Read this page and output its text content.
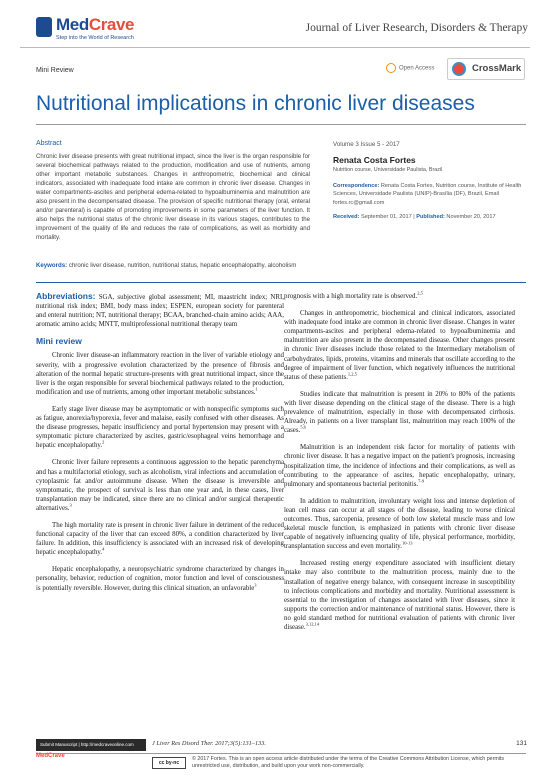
MedCrave
Step into the World of Research
Journal of Liver Research, Disorders & Therapy
Mini Review	Open Access	CrossMark
Nutritional implications in chronic liver diseases
Abstract

Chronic liver disease presents with great nutritional impact, since the liver is the organ responsible for several biochemical pathways related to the production, modification and use of nutrients, among other important metabolic substances. Changes in anthropometric, biochemical and clinical indicators, associated with inadequate food intake are common in chronic liver disease. Changes in water compartments-ascites and peripheral edema-related to hypoalbuminemia and malnutrition are also present in the decompensated disease. The provision of specific nutritional therapy (oral, enteral and/or parenteral) is capable of promoting improvements in some parameters of the liver function. It also helps the nutritional status of the chronic liver disease in its various stages, contributes to the improvement of the quality of life and reduces the rate of complications, as well as morbidity and mortality.

Keywords: chronic liver disease, nutrition, nutritional status, hepatic encephalopathy, alcoholism

Volume 3 Issue 5 - 2017
Renata Costa Fortes
Nutrition course, Universidade Paulista, Brazil

Correspondence: Renata Costa Fortes, Nutrition course, Institute of Health Sciences, Universidade Paulista (UNIP)-Brasília (DF), Brazil, Email fortes.rc@gmail.com

Received: September 01, 2017 | Published: November 20, 2017

Abbreviations: SGA, subjective global assessment; MI, maastricht index; NRI, nutritional risk index; BMI, body mass index; ESPEN, european society for parenteral and enteral nutrition; NT, nutritional therapy; BCAA, branched-chain amino acids; AAA, aromatic amino acids; MNTT, multiprofessional nutritional therapy team

Mini review

Chronic liver disease-an inflammatory reaction in the liver of variable etiology and severity, with a progressive evolution characterized by the presence of fibrosis and alteration of the normal hepatic structure-presents with great nutritional impact, since the liver is the organ responsible for several biochemical pathways related to the production, modification and use of nutrients, among other important metabolic substances.$^1$

Early stage liver disease may be asymptomatic or with nonspecific symptoms such as fatigue, anorexia/hyporexia, fever and malaise, easily confused with other diseases. As the disease progresses, hepatic insufficiency and portal hypertension may present with a symptomatic picture characterized by ascites, gastric/esophageal veins hemorrhage and hepatic encephalopathy.$^2$

Chronic liver failure represents a continuous aggression to the hepatic parenchyma and has a multifactorial etiology, such as alcoholism, viral infections and accumulation of cytoplasmic fat and/or autoimmune disease. When the disease is irreversible and symptomatic, the prospect of survival is less than one year and, in these cases, liver transplantation may be indicated, since there are no clinical and/or surgical therapeutic alternatives.$^3$

The high mortality rate is present in chronic liver failure in detriment of the reduced functional capacity of the liver that can exceed 80%, a condition characterized by liver failure. In addition, this insufficiency is associated with an increased risk of developing hepatic encephalopathy.$^4$

Hepatic encephalopathy, a neuropsychiatric syndrome characterized by changes in personality, behavior, reduction of cognition, motor function and level of consciousness is potentially reversible. However, during this clinical situation, an unfavorable$^3$

prognosis with a high mortality rate is observed.$^{2,5}$

Changes in anthropometric, biochemical and clinical indicators, associated with inadequate food intake are common in chronic liver disease. Changes in water compartments-ascites and peripheral edema-related to hypoalbuminemia and malnutrition are also present in the decompensated disease. Other changes present in chronic liver diseases include those related to the Intermediary metabolism of carbohydrates, lipids, proteins, vitamins and minerals that oscillate according to the degree of impairment of liver function, which negatively influences the nutritional status of these patients.$^{1,2,5}$

Studies indicate that malnutrition is present in 20% to 80% of the patients with liver disease depending on the clinical stage of the disease. There is a high prevalence of malnutrition, especially in those with decompensated cirrhosis. Already, in patients on a liver transplant list, malnutrition may reach 100% of the cases.$^{5,6}$

Malnutrition is an independent risk factor for mortality of patients with chronic liver disease. It has a negative impact on the patient's prognosis, increasing hospitalization time, the incidence of infections and their complications, as well as contributing to the appearance of ascites, hepatic encephalopathy, urinary, pulmonary and spontaneous bacterial peritonitis.$^{7-9}$

In addition to malnutrition, involuntary weight loss and intense depletion of lean cell mass can occur at all stages of the disease, leading to worse clinical outcomes. Thus, sarcopenia, presence of both low skeletal muscle mass and low skeletal muscle function, is emphasized in patients with chronic liver disease capable of negatively influencing quality of life, physical performance, morbidity, transplantation success and even mortality.$^{10-13}$

Increased resting energy expenditure associated with insufficient dietary intake may also contribute to the malnutrition process, mainly due to the installation of negative energy balance, with consequent increase in susceptibility to infectious complications and morbidity and mortality. Nutritional assessment is essential to the investigation of changes associated with liver diseases, since it supports the correction and/or maintenance of nutritional status. However, there is no gold standard method for nutritional evaluation of patients with chronic liver disease.$^{3,12,14}$

Submit Manuscript | http://medcraveonline.com	J Liver Res Disord Ther. 2017;3(5):131‒133.	131
MedCrave
cc by-nc

© 2017 Fortes. This is an open access article distributed under the terms of the Creative Commons Attribution License, which permits unrestricted use, distribution, and build upon your work non-commercially.
